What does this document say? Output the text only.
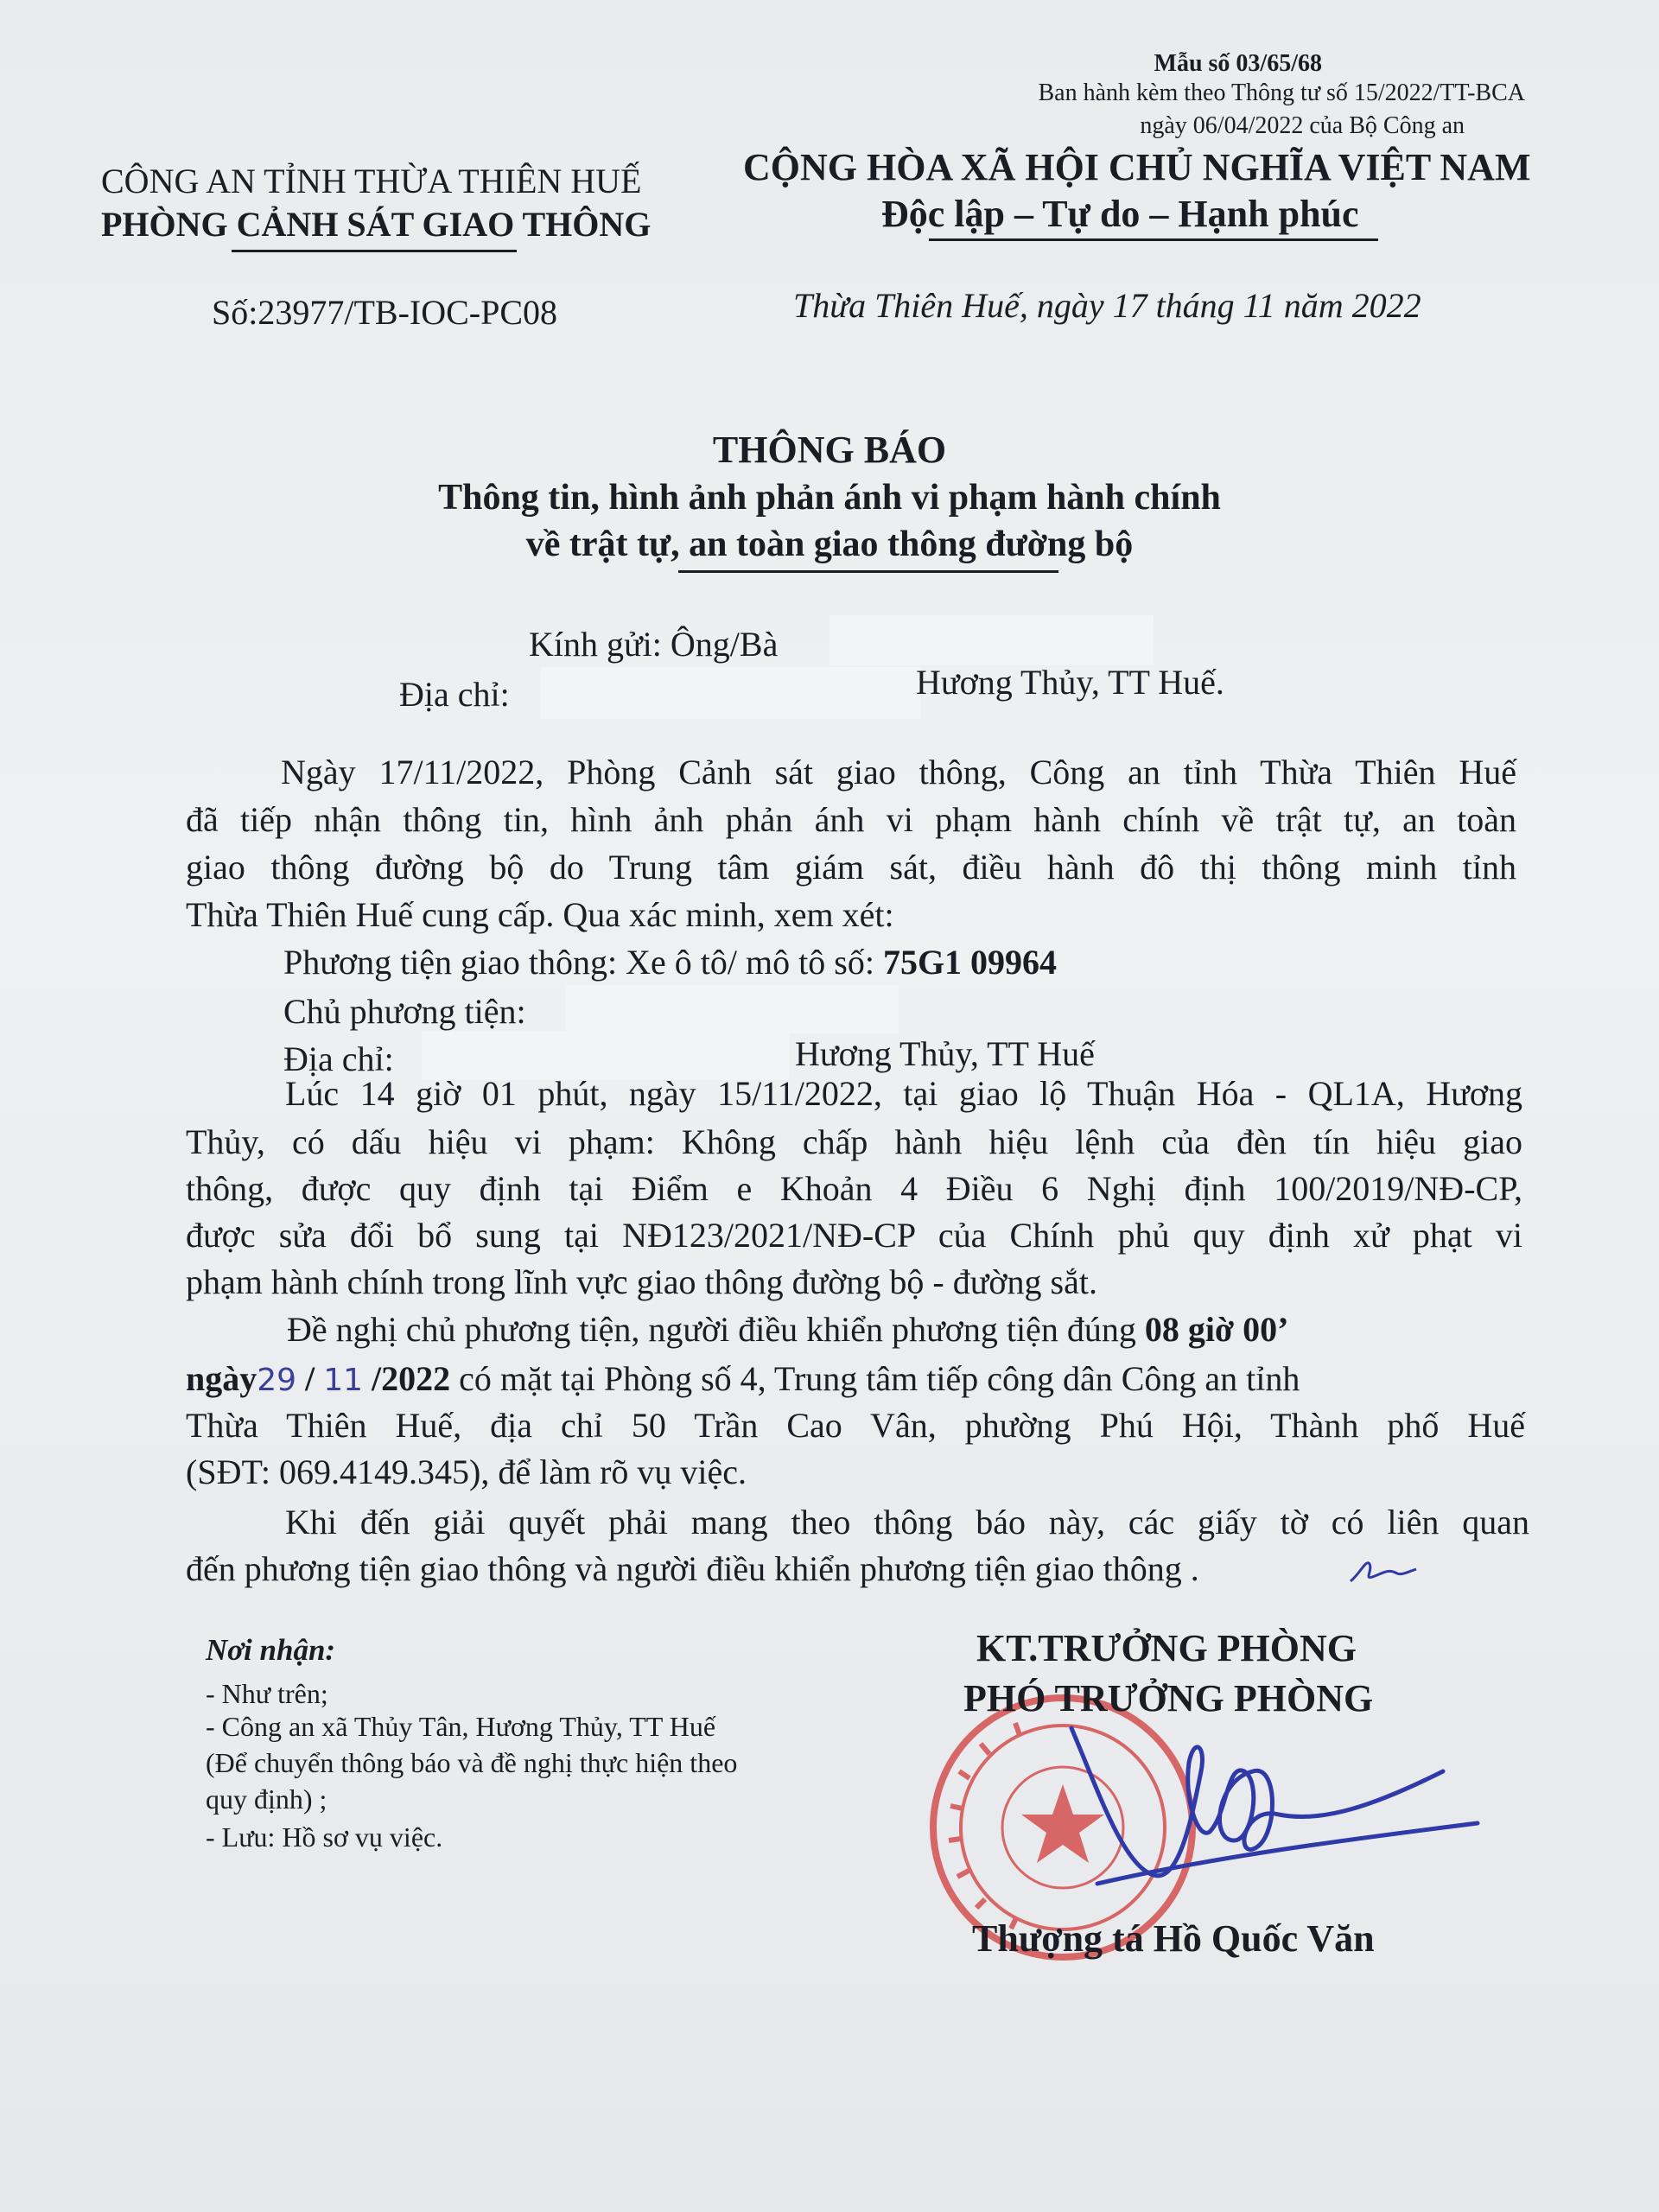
Mẫu số 03/65/68
Ban hành kèm theo Thông tư số 15/2022/TT-BCA
ngày 06/04/2022 của Bộ Công an
CÔNG AN TỈNH THỪA THIÊN HUẾ
PHÒNG CẢNH SÁT GIAO THÔNG
CỘNG HÒA XÃ HỘI CHỦ NGHĨA VIỆT NAM
Độc lập – Tự do – Hạnh phúc
Số:23977/TB-IOC-PC08	Thừa Thiên Huế, ngày 17 tháng 11 năm 2022
THÔNG BÁO
Thông tin, hình ảnh phản ánh vi phạm hành chính
về trật tự, an toàn giao thông đường bộ
Kính gửi: Ông/Bà
Địa chỉ:	Hương Thủy, TT Huế.
Ngày 17/11/2022, Phòng Cảnh sát giao thông, Công an tỉnh Thừa Thiên Huế
đã tiếp nhận thông tin, hình ảnh phản ánh vi phạm hành chính về trật tự, an toàn
giao thông đường bộ do Trung tâm giám sát, điều hành đô thị thông minh tỉnh
Thừa Thiên Huế cung cấp. Qua xác minh, xem xét:
Phương tiện giao thông: Xe ô tô/ mô tô số: 75G1 09964
Chủ phương tiện:
Địa chỉ:	Hương Thủy, TT Huế
Lúc 14 giờ 01 phút, ngày 15/11/2022, tại giao lộ Thuận Hóa - QL1A, Hương
Thủy, có dấu hiệu vi phạm: Không chấp hành hiệu lệnh của đèn tín hiệu giao
thông, được quy định tại Điểm e Khoản 4 Điều 6 Nghị định 100/2019/NĐ-CP,
được sửa đổi bổ sung tại NĐ123/2021/NĐ-CP của Chính phủ quy định xử phạt vi
phạm hành chính trong lĩnh vực giao thông đường bộ - đường sắt.
Đề nghị chủ phương tiện, người điều khiển phương tiện đúng 08 giờ 00’
ngày29 / 11 /2022 có mặt tại Phòng số 4, Trung tâm tiếp công dân Công an tỉnh
Thừa Thiên Huế, địa chỉ 50 Trần Cao Vân, phường Phú Hội, Thành phố Huế
(SĐT: 069.4149.345), để làm rõ vụ việc.
Khi đến giải quyết phải mang theo thông báo này, các giấy tờ có liên quan
đến phương tiện giao thông và người điều khiển phương tiện giao thông .
Nơi nhận:
- Như trên;
- Công an xã Thủy Tân, Hương Thủy, TT Huế
(Để chuyển thông báo và đề nghị thực hiện theo
quy định) ;
- Lưu: Hồ sơ vụ việc.
KT.TRƯỞNG PHÒNG
PHÓ TRƯỞNG PHÒNG
Thượng tá Hồ Quốc Văn
